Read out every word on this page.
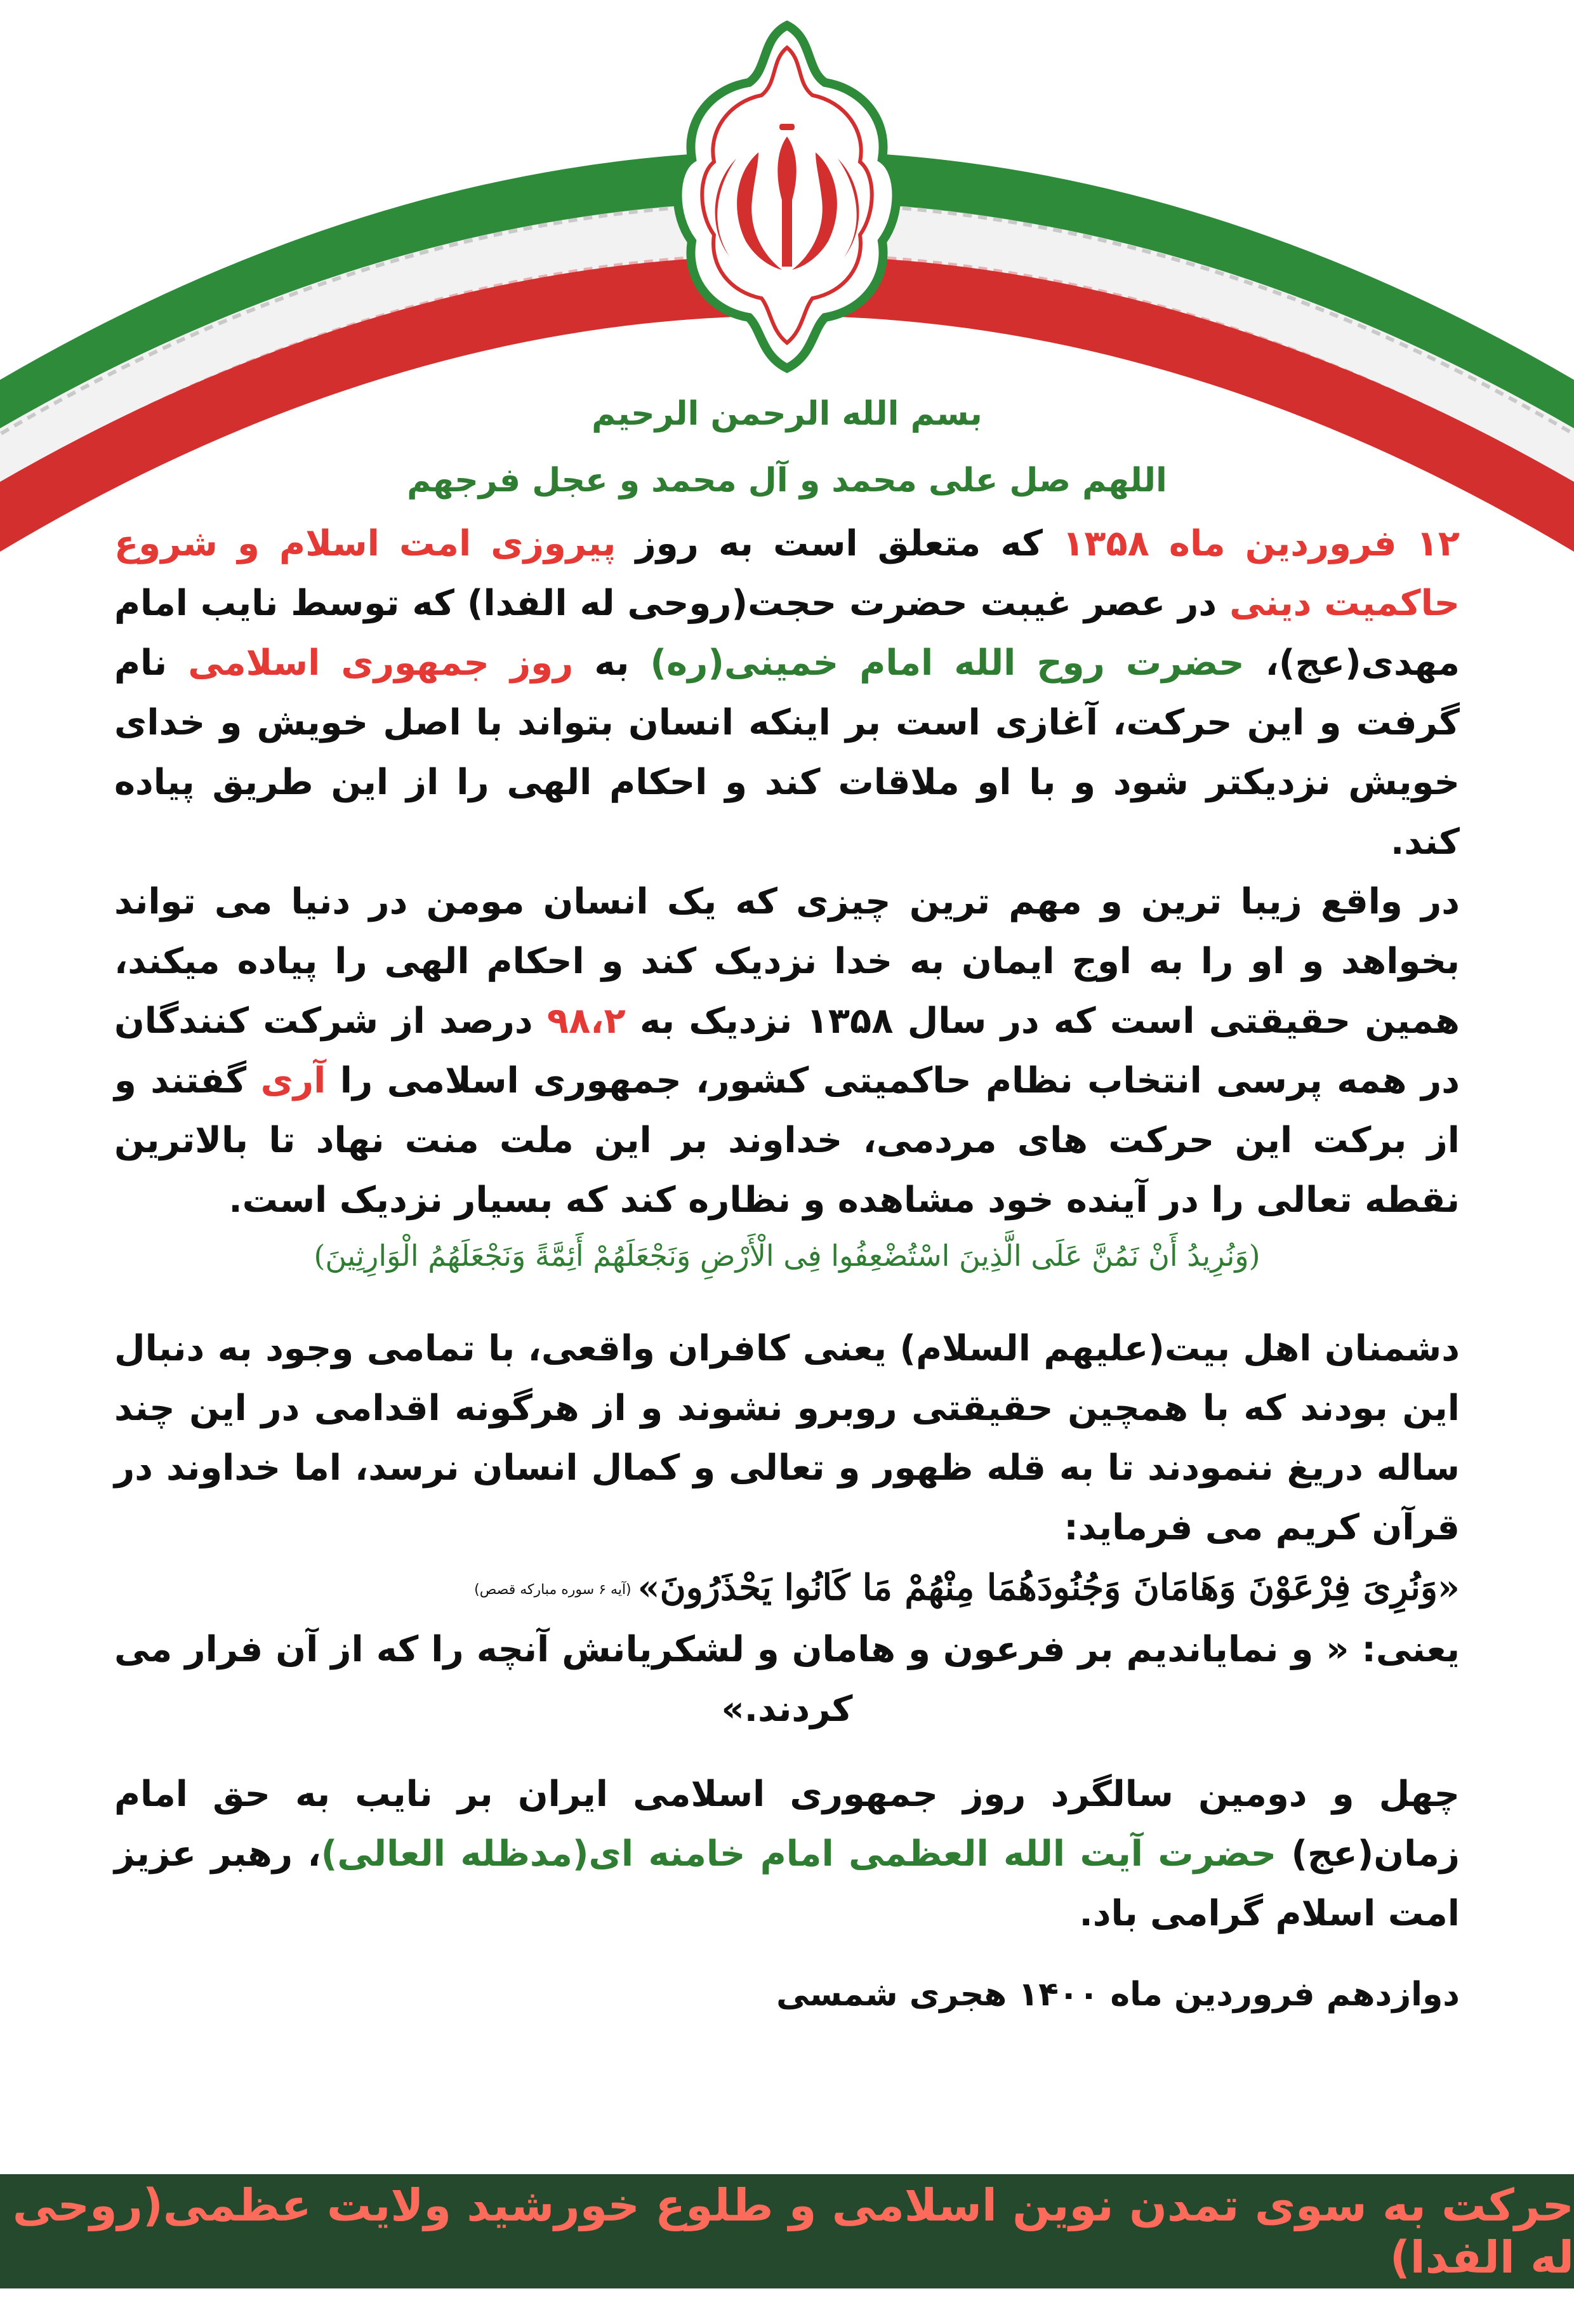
بسم الله الرحمن الرحیم
اللهم صل علی محمد و آل محمد و عجل فرجهم

۱۲ فروردین ماه ۱۳۵۸ که متعلق است به روز پیروزی امت اسلام و شروع حاکمیت دینی در عصر غیبت حضرت حجت(روحی له الفدا) که توسط نایب امام مهدی(عج)، حضرت روح الله امام خمینی(ره) به روز جمهوری اسلامی نام گرفت و این حرکت، آغازی است بر اینکه انسان بتواند با اصل خویش و خدای خویش نزدیکتر شود و با او ملاقات کند و احکام الهی را از این طریق پیاده کند.

در واقع زیبا ترین و مهم ترین چیزی که یک انسان مومن در دنیا می تواند بخواهد و او را به اوج ایمان به خدا نزدیک کند و احکام الهی را پیاده میکند، همین حقیقتی است که در سال ۱۳۵۸ نزدیک به ۹۸،۲ درصد از شرکت کنندگان در همه پرسی انتخاب نظام حاکمیتی کشور، جمهوری اسلامی را آری گفتند و از برکت این حرکت های مردمی، خداوند بر این ملت منت نهاد تا بالاترین نقطه تعالی را در آینده خود مشاهده و نظاره کند که بسیار نزدیک است.

(وَنُرِیدُ أَنْ نَمُنَّ عَلَی الَّذِینَ اسْتُضْعِفُوا فِی الْأَرْضِ وَنَجْعَلَهُمْ أَئِمَّةً وَنَجْعَلَهُمُ الْوَارِثِینَ)

دشمنان اهل بیت(علیهم السلام) یعنی کافران واقعی، با تمامی وجود به دنبال این بودند که با همچین حقیقتی روبرو نشوند و از هرگونه اقدامی در این چند ساله دریغ ننمودند تا به قله ظهور و تعالی و کمال انسان نرسد، اما خداوند در قرآن کریم می فرماید:

«وَنُرِیَ فِرْعَوْنَ وَهَامَانَ وَجُنُودَهُمَا مِنْهُمْ مَا کَانُوا یَحْذَرُونَ»(آیه ۶ سوره مبارکه قصص)

یعنی: « و نمایاندیم بر فرعون و هامان و لشکریانش آنچه را که از آن فرار می کردند.»

چهل و دومین سالگرد روز جمهوری اسلامی ایران بر نایب به حق امام زمان(عج) حضرت آیت الله العظمی امام خامنه ای(مدظله العالی)، رهبر عزیز امت اسلام گرامی باد.

دوازدهم فروردین ماه ۱۴۰۰ هجری شمسی
حرکت به سوی تمدن نوین اسلامی و طلوع خورشید ولایت عظمی(روحی له الفدا)
